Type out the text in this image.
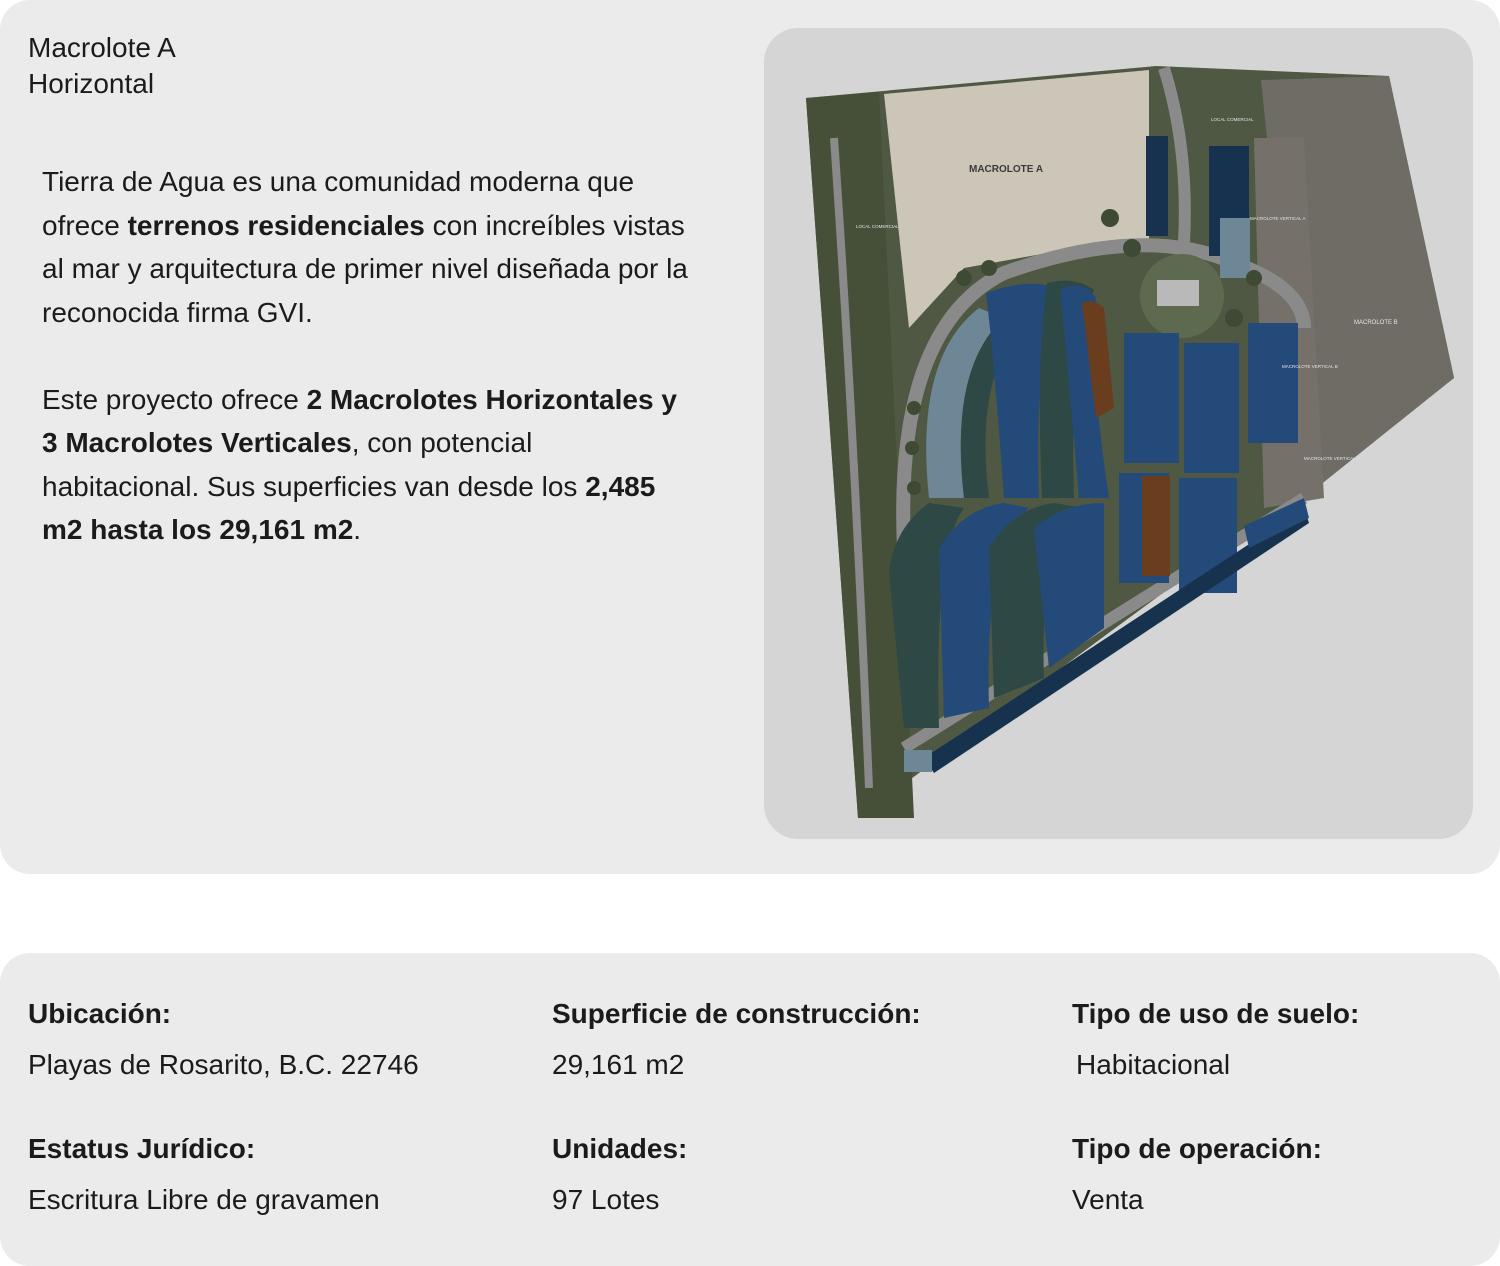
Macrolote A
Horizontal

Tierra de Agua es una comunidad moderna que ofrece terrenos residenciales con increíbles vistas al mar y arquitectura de primer nivel diseñada por la reconocida firma GVI.

Este proyecto ofrece 2 Macrolotes Horizontales y 3 Macrolotes Verticales, con potencial habitacional. Sus superficies van desde los 2,485 m2 hasta los 29,161 m2.

MACROLOTE A
MACROLOTE B
LOCAL COMERCIAL
LOCAL COMERCIAL
MACROLOTE VERTICAL A
MACROLOTE VERTICAL B
MACROLOTE VERTICAL C
Ubicación:
Playas de Rosarito, B.C. 22746
Superficie de construcción:
29,161 m2
Tipo de uso de suelo:
Habitacional
Estatus Jurídico:
Escritura Libre de gravamen
Unidades:
97 Lotes
Tipo de operación:
Venta
